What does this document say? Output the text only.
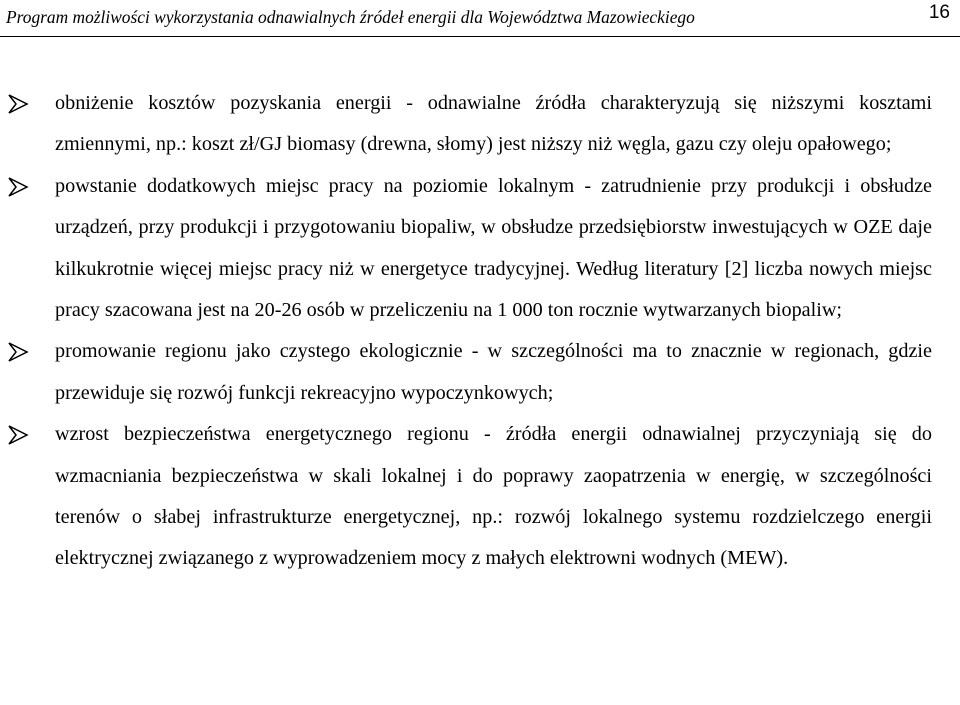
Program możliwości wykorzystania odnawialnych źródeł energii dla Województwa Mazowieckiego	16
obniżenie kosztów pozyskania energii - odnawialne źródła charakteryzują się niższymi kosztami zmiennymi, np.: koszt zł/GJ biomasy (drewna, słomy) jest niższy niż węgla, gazu czy oleju opałowego;
powstanie dodatkowych miejsc pracy na poziomie lokalnym - zatrudnienie przy produkcji i obsłudze urządzeń, przy produkcji i przygotowaniu biopaliw, w obsłudze przedsiębiorstw inwestujących w OZE daje kilkukrotnie więcej miejsc pracy niż w energetyce tradycyjnej. Według literatury [2] liczba nowych miejsc pracy szacowana jest na 20-26 osób w przeliczeniu na 1 000 ton rocznie wytwarzanych biopaliw;
promowanie regionu jako czystego ekologicznie - w szczególności ma to znacznie w regionach, gdzie przewiduje się rozwój funkcji rekreacyjno wypoczynkowych;
wzrost bezpieczeństwa energetycznego regionu - źródła energii odnawialnej przyczyniają się do wzmacniania bezpieczeństwa w skali lokalnej i do poprawy zaopatrzenia w energię, w szczególności terenów o słabej infrastrukturze energetycznej, np.: rozwój lokalnego systemu rozdzielczego energii elektrycznej związanego z wyprowadzeniem mocy z małych elektrowni wodnych (MEW).
